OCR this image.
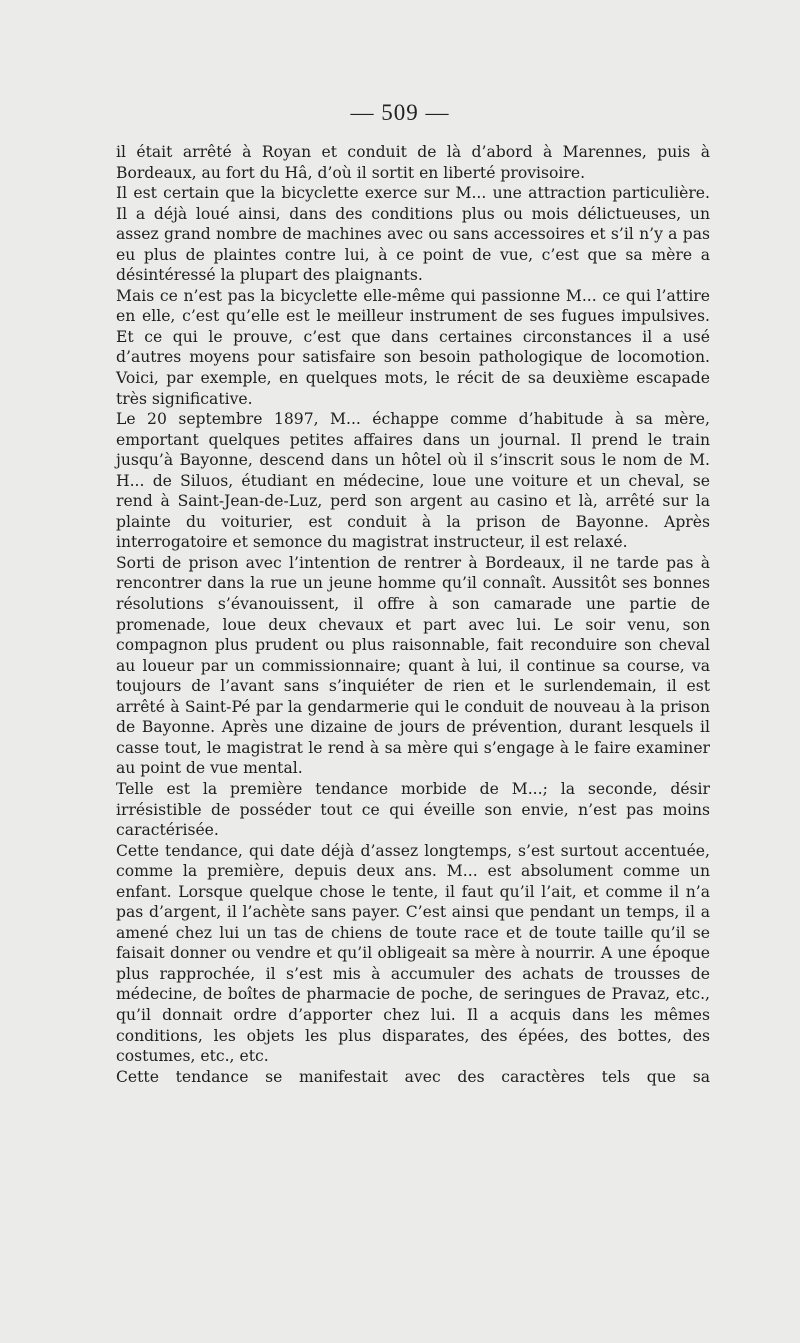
— 509 —

il était arrêté à Royan et conduit de là d’abord à Marennes, puis à Bordeaux, au fort du Hâ, d’où il sortit en liberté provisoire.

Il est certain que la bicyclette exerce sur M... une attraction particulière. Il a déjà loué ainsi, dans des conditions plus ou mois délictueuses, un assez grand nombre de machines avec ou sans accessoires et s’il n’y a pas eu plus de plaintes contre lui, à ce point de vue, c’est que sa mère a désintéressé la plupart des plaignants.

Mais ce n’est pas la bicyclette elle-même qui passionne M... ce qui l’attire en elle, c’est qu’elle est le meilleur instrument de ses fugues impulsives. Et ce qui le prouve, c’est que dans certaines circonstances il a usé d’autres moyens pour satisfaire son besoin pathologique de locomotion. Voici, par exemple, en quelques mots, le récit de sa deuxième escapade très significative.

Le 20 septembre 1897, M... échappe comme d’habitude à sa mère, emportant quelques petites affaires dans un journal. Il prend le train jusqu’à Bayonne, descend dans un hôtel où il s’inscrit sous le nom de M. H... de Siluos, étudiant en médecine, loue une voiture et un cheval, se rend à Saint-Jean-de-Luz, perd son argent au casino et là, arrêté sur la plainte du voiturier, est conduit à la prison de Bayonne. Après interrogatoire et semonce du magistrat instructeur, il est relaxé.

Sorti de prison avec l’intention de rentrer à Bordeaux, il ne tarde pas à rencontrer dans la rue un jeune homme qu’il connaît. Aussitôt ses bonnes résolutions s’évanouissent, il offre à son camarade une partie de promenade, loue deux chevaux et part avec lui. Le soir venu, son compagnon plus prudent ou plus raisonnable, fait reconduire son cheval au loueur par un commissionnaire; quant à lui, il continue sa course, va toujours de l’avant sans s’inquiéter de rien et le surlendemain, il est arrêté à Saint-Pé par la gendarmerie qui le conduit de nouveau à la prison de Bayonne. Après une dizaine de jours de prévention, durant lesquels il casse tout, le magistrat le rend à sa mère qui s’engage à le faire examiner au point de vue mental.

Telle est la première tendance morbide de M...; la seconde, désir irrésistible de posséder tout ce qui éveille son envie, n’est pas moins caractérisée.

Cette tendance, qui date déjà d’assez longtemps, s’est surtout accentuée, comme la première, depuis deux ans. M... est absolument comme un enfant. Lorsque quelque chose le tente, il faut qu’il l’ait, et comme il n’a pas d’argent, il l’achète sans payer. C’est ainsi que pendant un temps, il a amené chez lui un tas de chiens de toute race et de toute taille qu’il se faisait donner ou vendre et qu’il obligeait sa mère à nourrir. A une époque plus rapprochée, il s’est mis à accumuler des achats de trousses de médecine, de boîtes de pharmacie de poche, de seringues de Pravaz, etc., qu’il donnait ordre d’apporter chez lui. Il a acquis dans les mêmes conditions, les objets les plus disparates, des épées, des bottes, des costumes, etc., etc.

Cette tendance se manifestait avec des caractères tels que sa
